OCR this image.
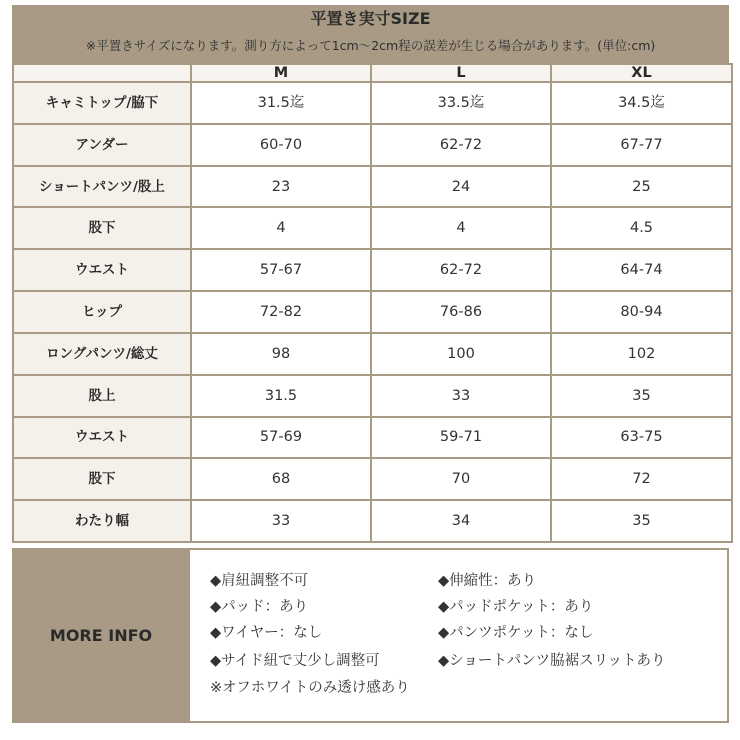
平置き実寸SIZE
※平置きサイズになります。測り方によって1cm〜2cm程の誤差が生じる場合があります。(単位:cm)
	M	L	XL
キャミトップ/脇下	31.5迄	33.5迄	34.5迄
アンダー	60-70	62-72	67-77
ショートパンツ/股上	23	24	25
股下	4	4	4.5
ウエスト	57-67	62-72	64-74
ヒップ	72-82	76-86	80-94
ロングパンツ/総丈	98	100	102
股上	31.5	33	35
ウエスト	57-69	59-71	63-75
股下	68	70	72
わたり幅	33	34	35
MORE INFO
◆肩紐調整不可	◆伸縮性：あり
◆パッド：あり	◆パッドポケット：あり
◆ワイヤー：なし	◆パンツポケット：なし
◆サイド紐で丈少し調整可	◆ショートパンツ脇裾スリットあり
※オフホワイトのみ透け感あり
